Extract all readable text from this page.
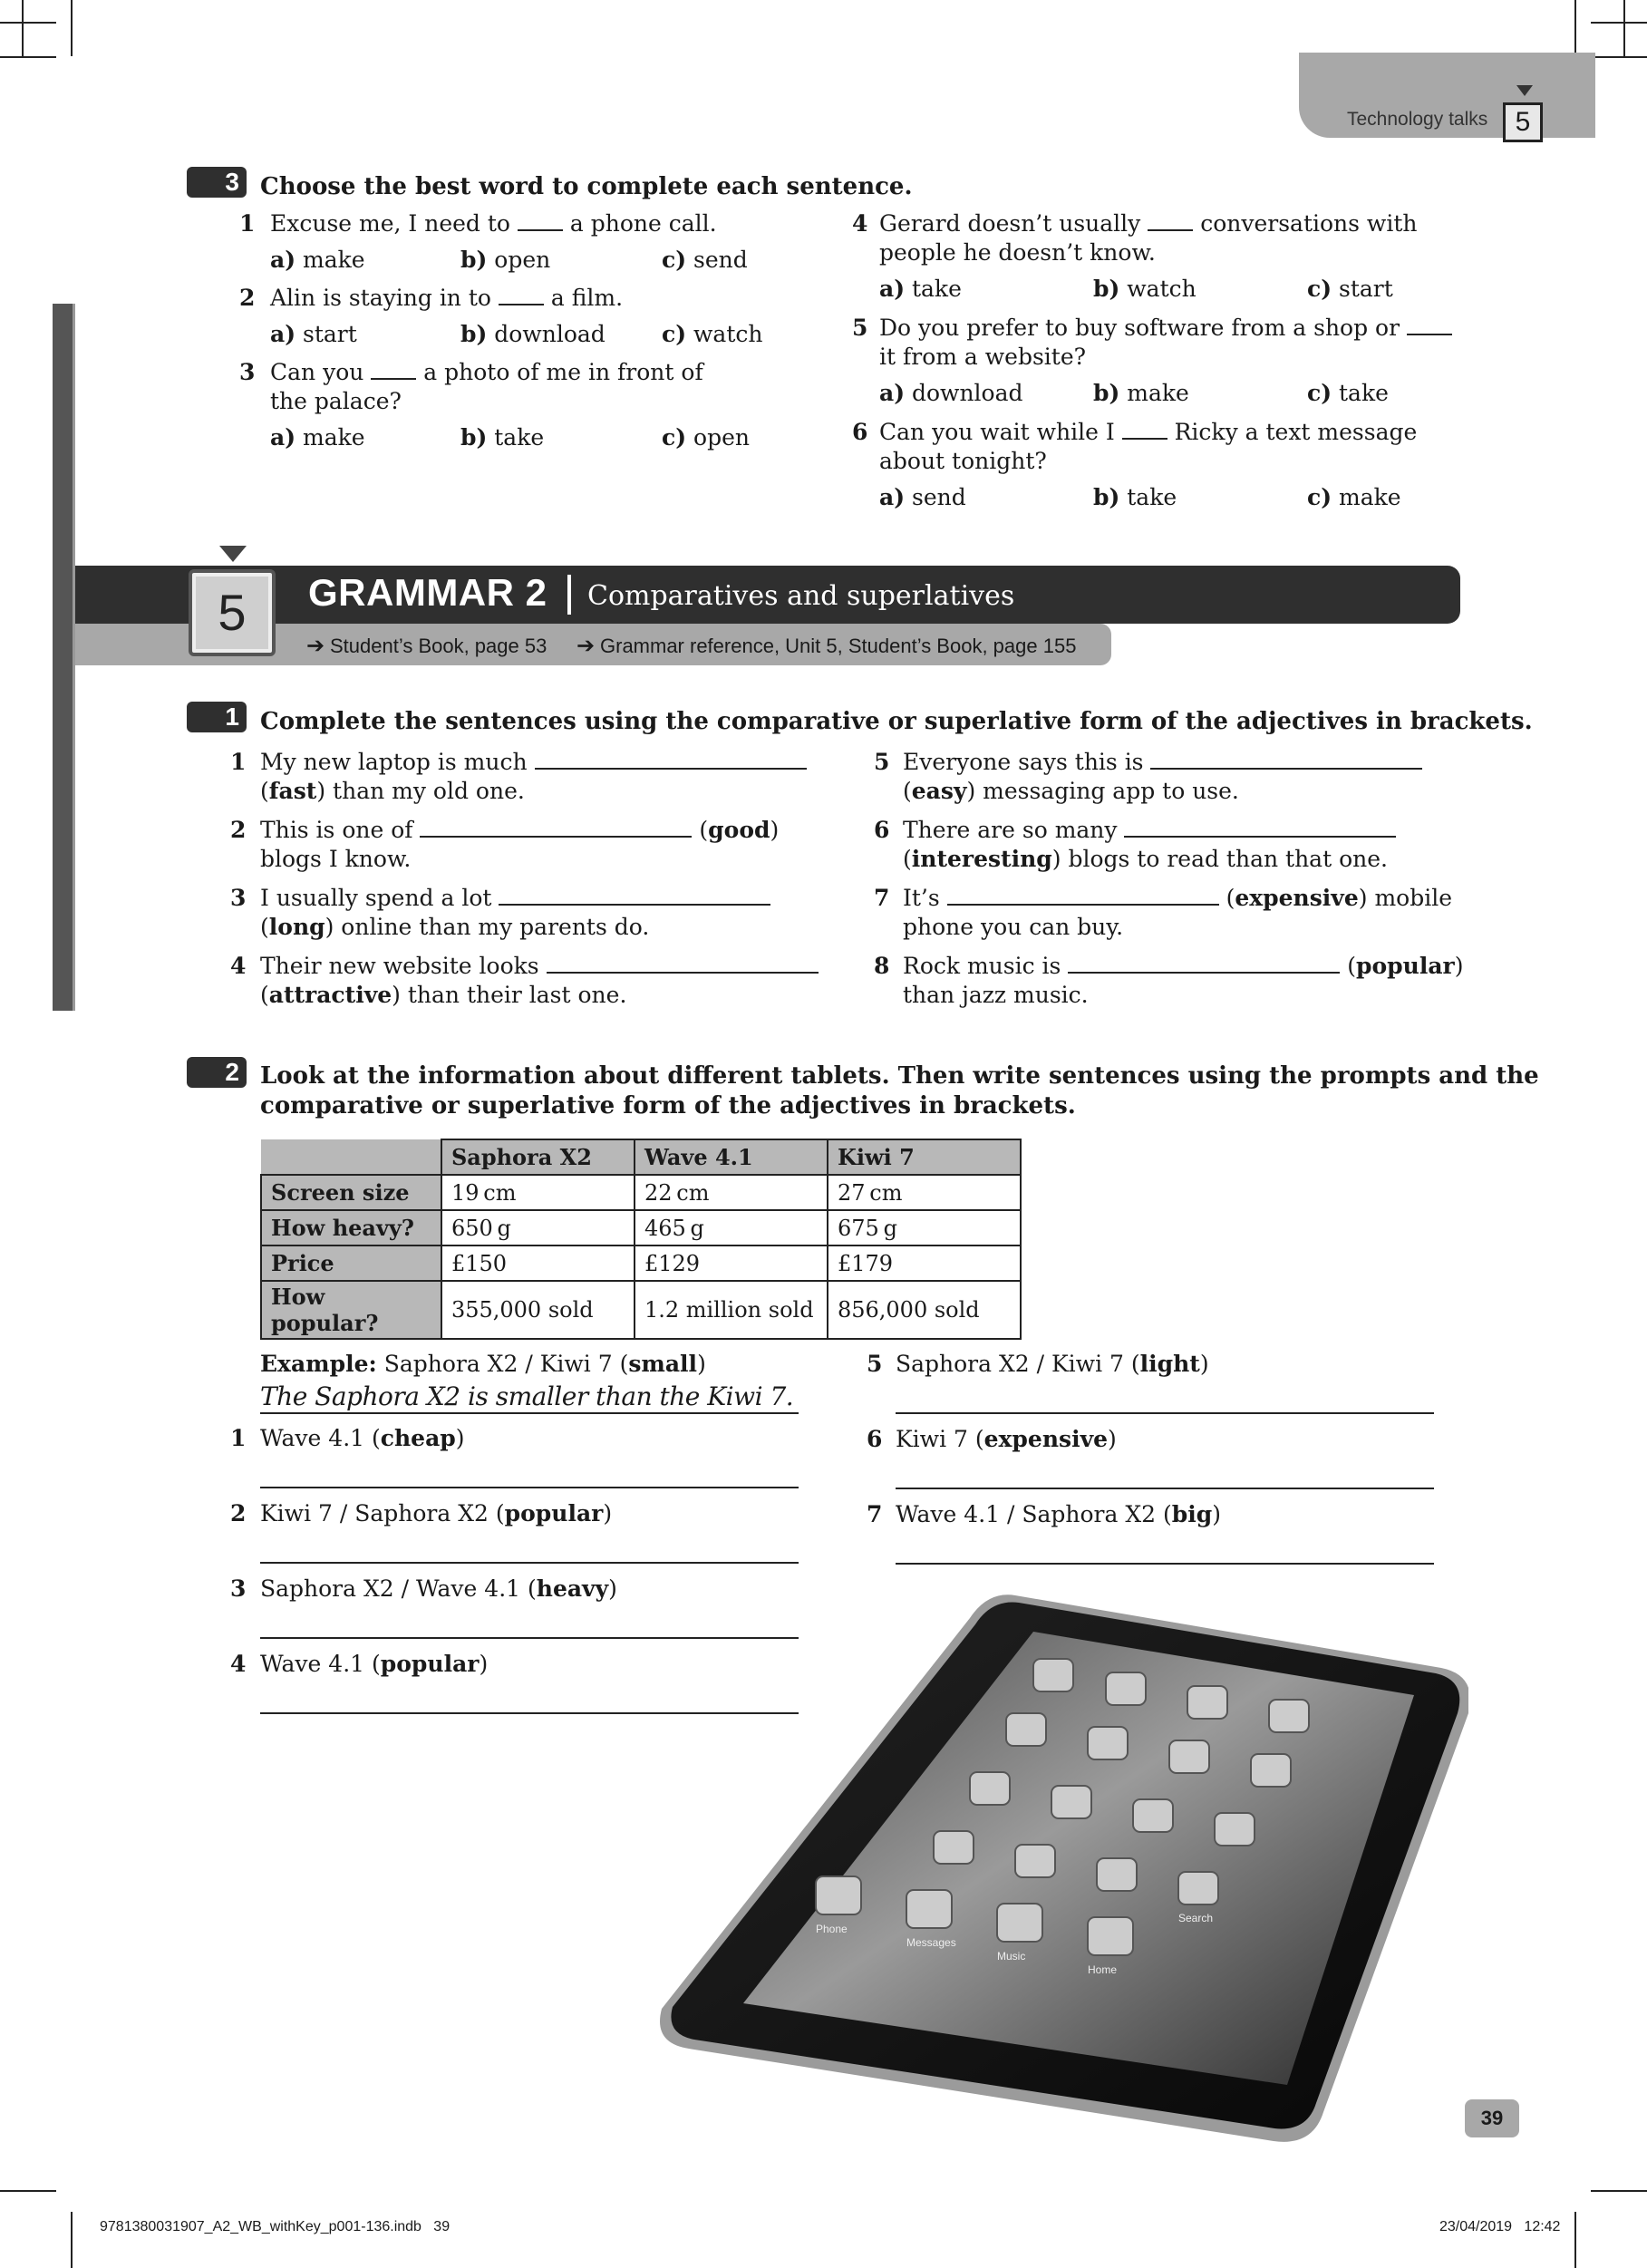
Technology talks	5
3 Choose the best word to complete each sentence.
1 Excuse me, I need to  a phone call.
a) make	b) open	c) send
2 Alin is staying in to  a film.
a) start	b) download c) watch
3 Can you  a photo of me in front of
the palace?
a) make	b) take	c) open
4 Gerard doesn’t usually  conversations with
people he doesn’t know.
a) take	b) watch	c) start
5 Do you prefer to buy software from a shop or
it from a website?
a) download	b) make	c) take
6 Can you wait while I  Ricky a text message
about tonight?
a) send	b) take	c) make
5	GRAMMAR 2 Comparatives and superlatives
➔ Student’s Book, page 53 ➔ Grammar reference, Unit 5, Student’s Book, page 155
1 Complete the sentences using the comparative or superlative form of the adjectives in brackets.
1 My new laptop is much
(fast) than my old one.
2 This is one of	(good)
blogs I know.
3 I usually spend a lot
(long) online than my parents do.
4 Their new website looks
(attractive) than their last one.
5 Everyone says this is
(easy) messaging app to use.
6 There are so many
(interesting) blogs to read than that one.
7 It’s	(expensive) mobile
phone you can buy.
8 Rock music is	(popular)
than jazz music.
2 Look at the information about different tablets. Then write sentences using the prompts and the
comparative or superlative form of the adjectives in brackets.
	Saphora X2	Wave 4.1	Kiwi 7
Screen size	19 cm	22 cm	27 cm
How heavy?	650 g	465 g	675 g
Price	£150	£129	£179
How popular?	355,000 sold	1.2 million sold	856,000 sold
Example: Saphora X2 / Kiwi 7 (small)
The Saphora X2 is smaller than the Kiwi 7.
1 Wave 4.1 (cheap)
2 Kiwi 7 / Saphora X2 (popular)
3 Saphora X2 / Wave 4.1 (heavy)
4 Wave 4.1 (popular)
5 Saphora X2 / Kiwi 7 (light)
6 Kiwi 7 (expensive)
7 Wave 4.1 / Saphora X2 (big)
Phone
Messages
Music
Home
Search
39
9781380031907_A2_WB_withKey_p001-136.indb   39	23/04/2019   12:42
